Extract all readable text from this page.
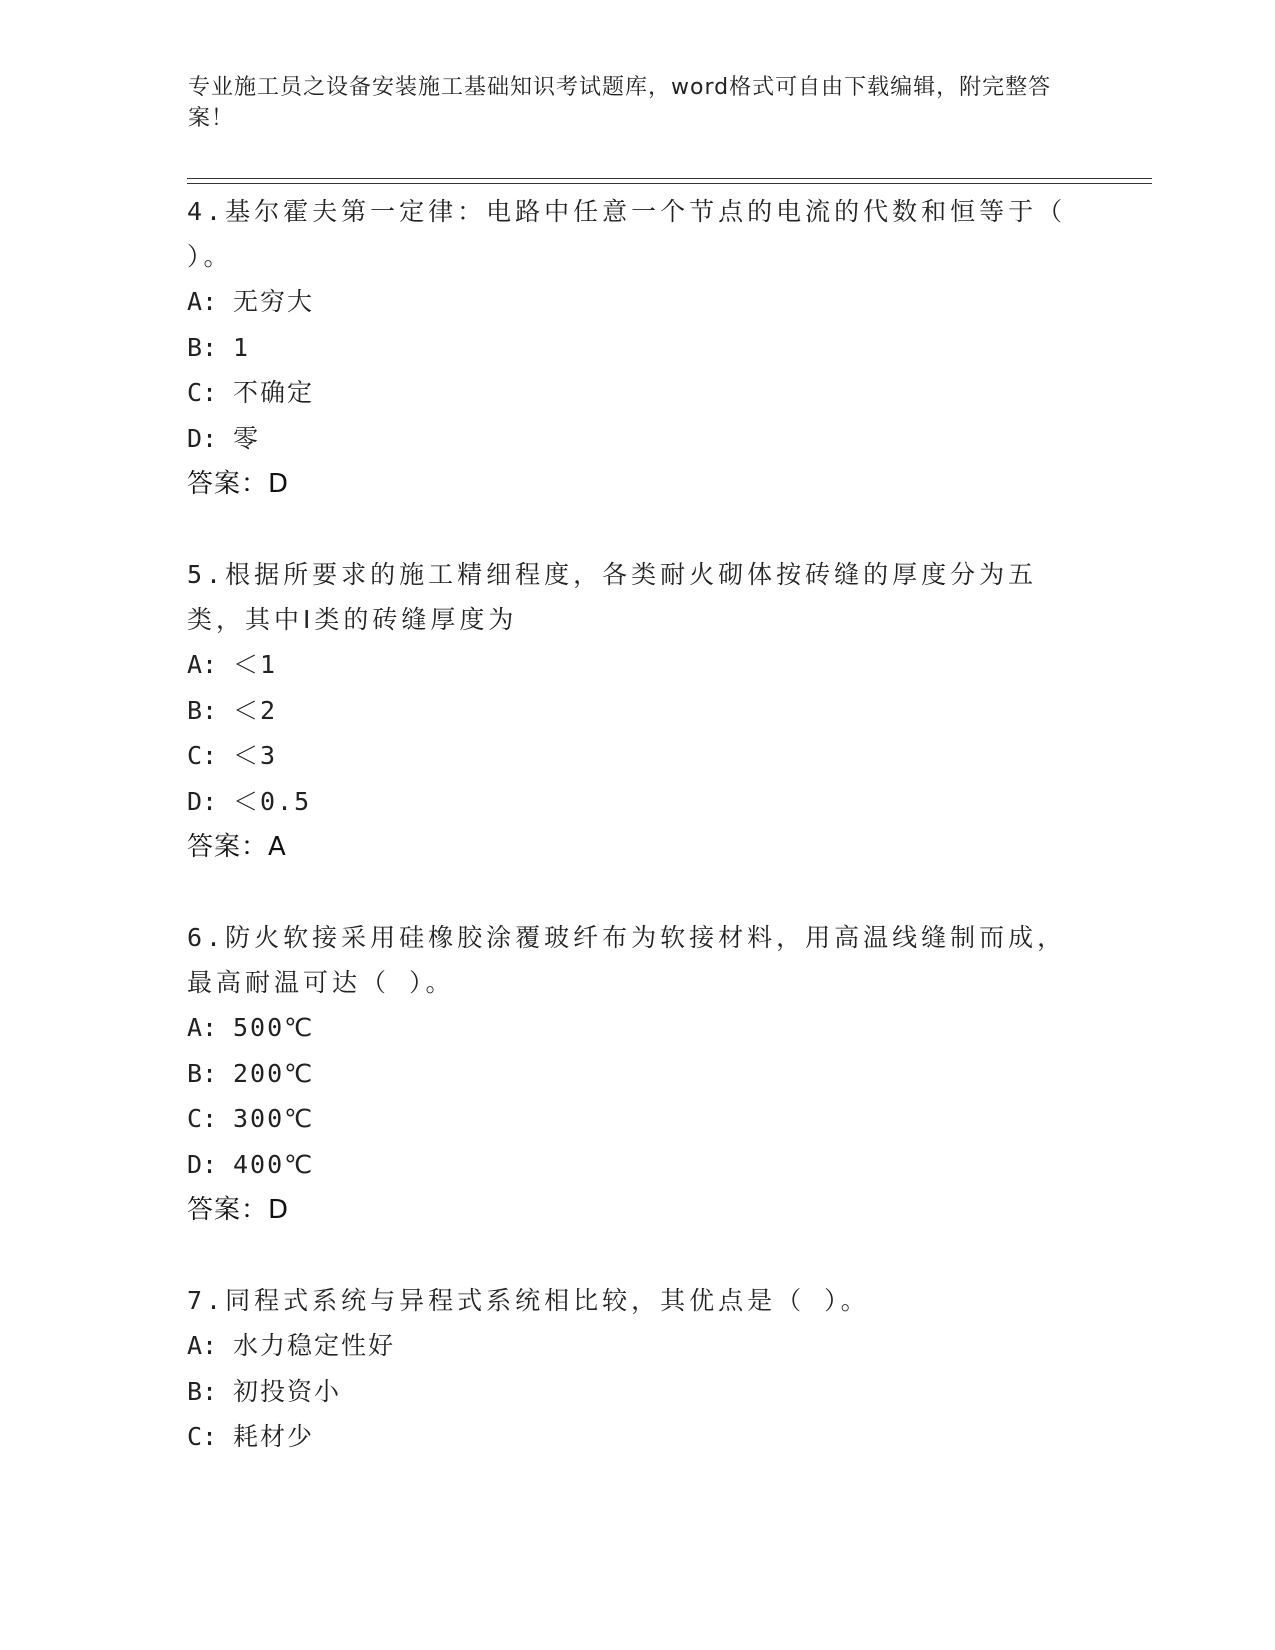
专业施工员之设备安装施工基础知识考试题库，word格式可自由下载编辑，附完整答案！
4.基尔霍夫第一定律：电路中任意一个节点的电流的代数和恒等于（ ）。
A: 无穷大
B: 1
C: 不确定
D: 零
答案：D
5.根据所要求的施工精细程度，各类耐火砌体按砖缝的厚度分为五类，其中Ⅰ类的砖缝厚度为
A: ＜1
B: ＜2
C: ＜3
D: ＜0.5
答案：A
6.防火软接采用硅橡胶涂覆玻纤布为软接材料，用高温线缝制而成，最高耐温可达（ ）。
A: 500℃
B: 200℃
C: 300℃
D: 400℃
答案：D
7.同程式系统与异程式系统相比较，其优点是（ ）。
A: 水力稳定性好
B: 初投资小
C: 耗材少
